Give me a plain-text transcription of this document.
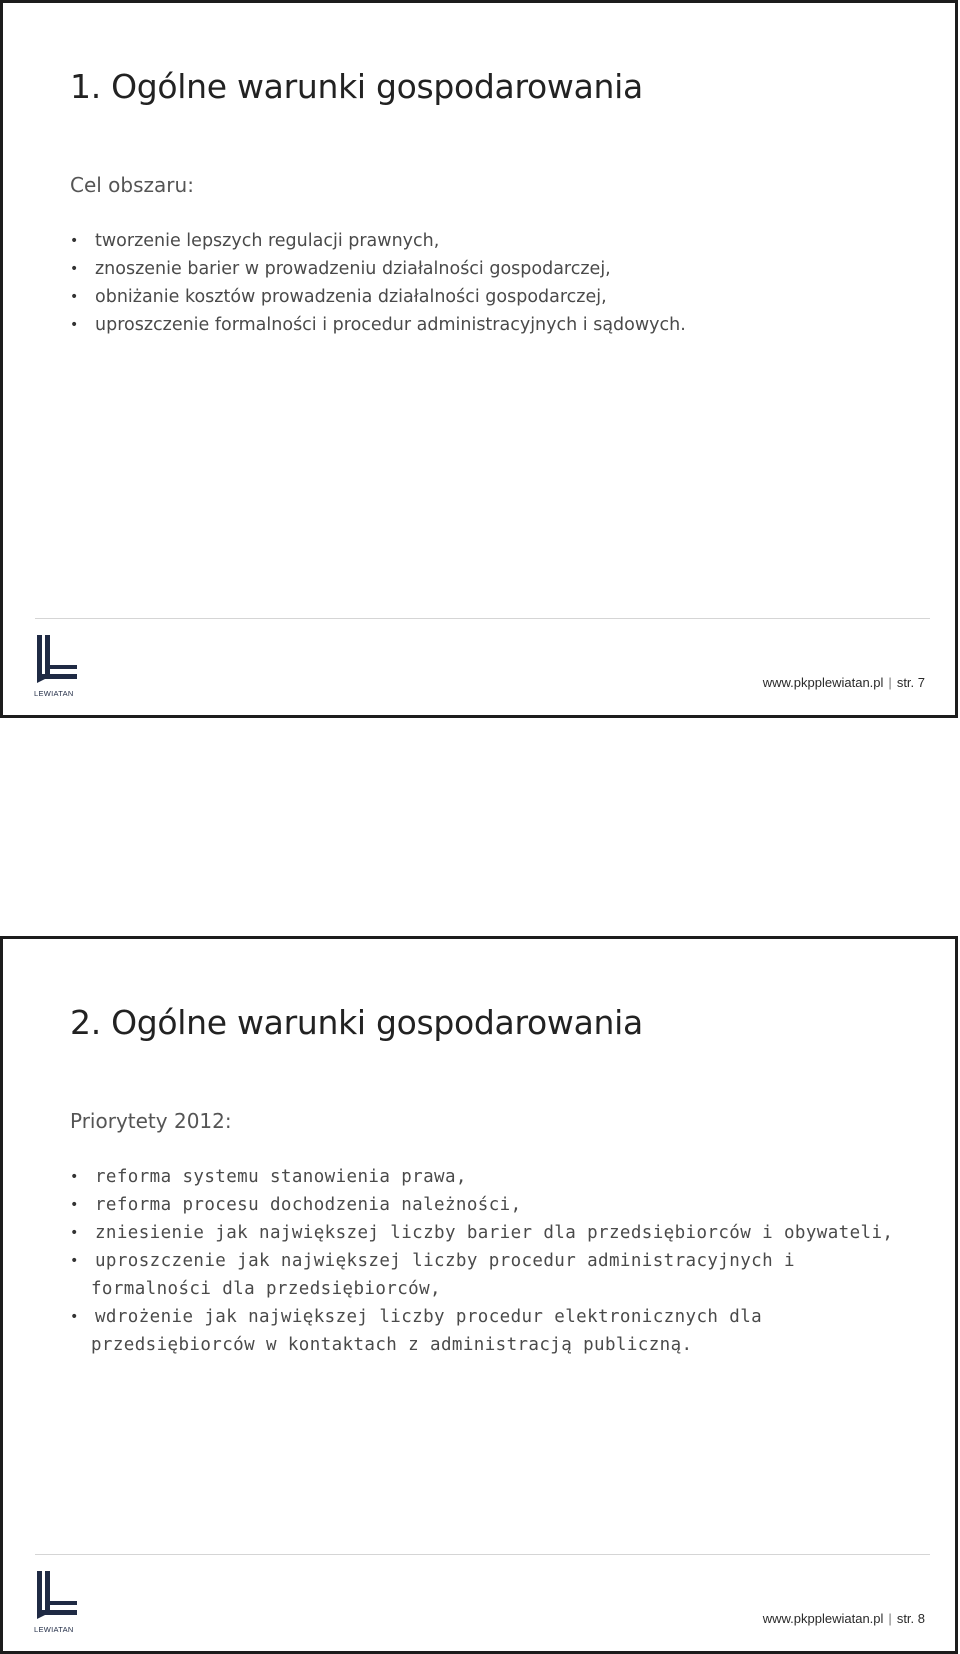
1. Ogólne warunki gospodarowania

Cel obszaru:

• tworzenie lepszych regulacji prawnych,
• znoszenie barier w prowadzeniu działalności gospodarczej,
• obniżanie kosztów prowadzenia działalności gospodarczej,
• uproszczenie formalności i procedur administracyjnych i sądowych.
LEWIATAN
www.pkpplewiatan.pl | str. 7
2. Ogólne warunki gospodarowania

Priorytety 2012:

• reforma systemu stanowienia prawa,
• reforma procesu dochodzenia należności,
• zniesienie jak największej liczby barier dla przedsiębiorców i obywateli,
• uproszczenie jak największej liczby procedur administracyjnych i
formalności dla przedsiębiorców,
• wdrożenie jak największej liczby procedur elektronicznych dla
przedsiębiorców w kontaktach z administracją publiczną.
LEWIATAN
www.pkpplewiatan.pl | str. 8
